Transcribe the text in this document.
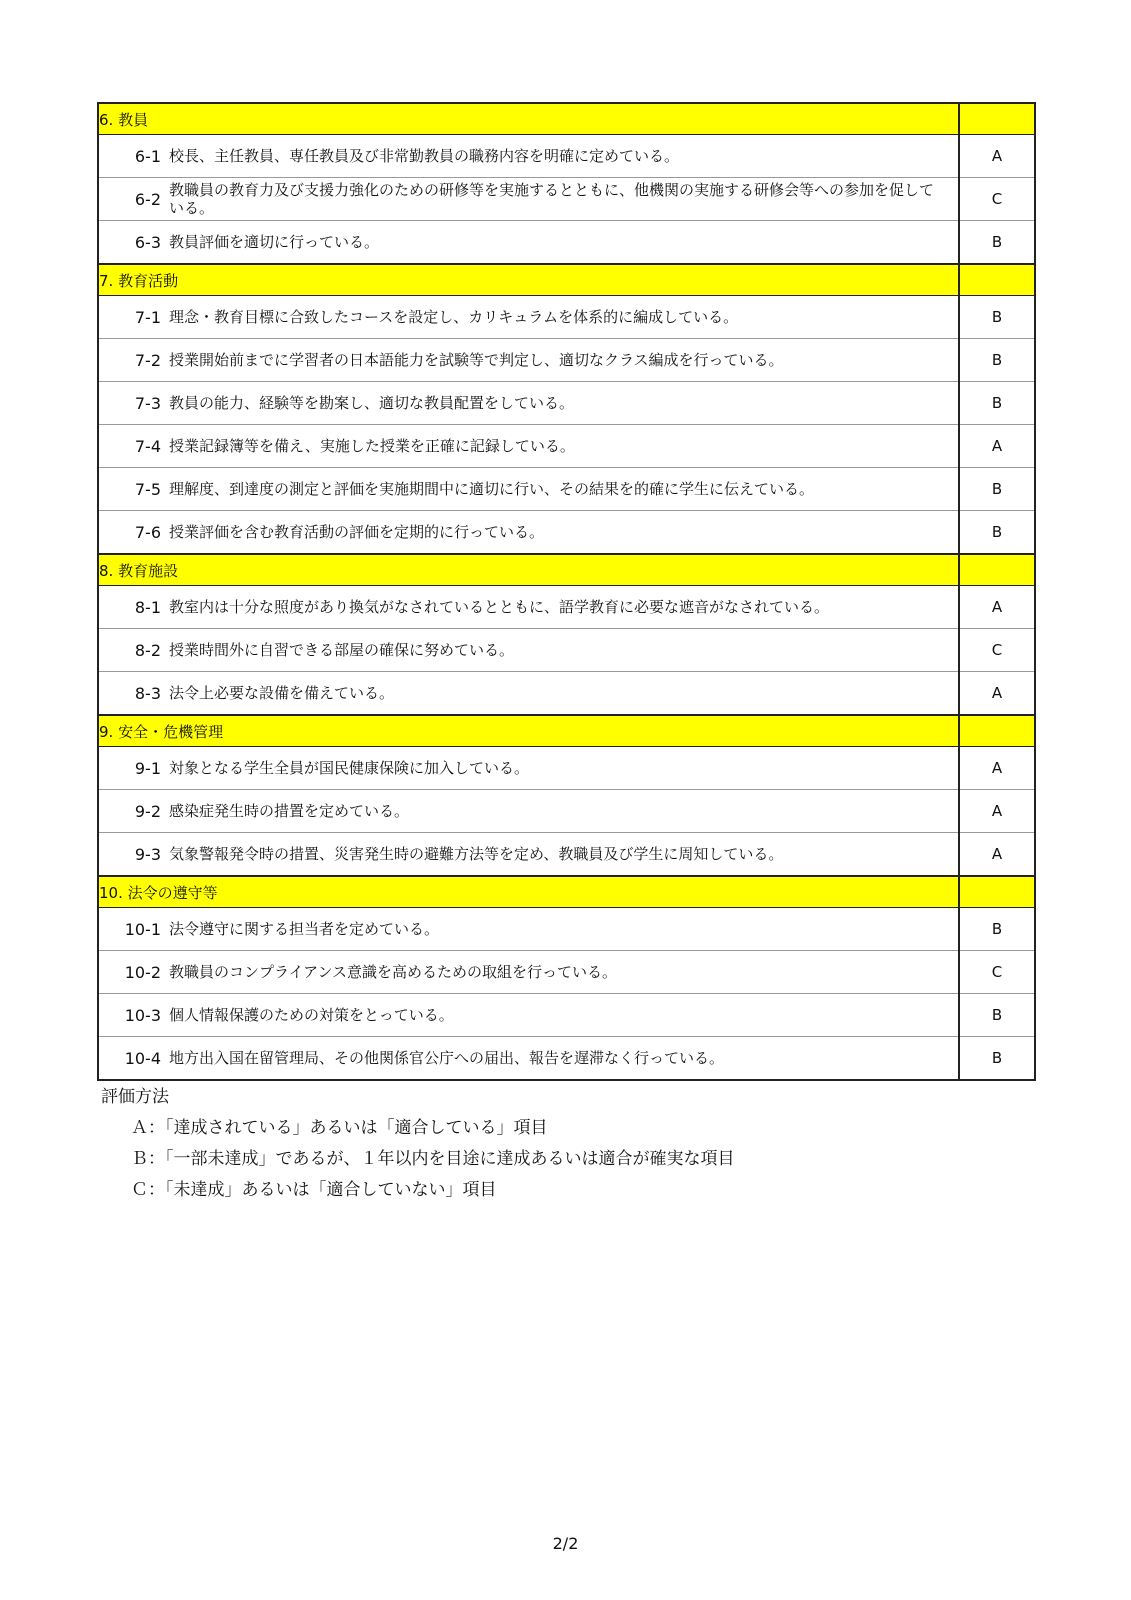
6. 教員	

6-1 校長、主任教員、専任教員及び非常勤教員の職務内容を明確に定めている。	A

6-2 教職員の教育力及び支援力強化のための研修等を実施するとともに、他機関の実施する研修会等への参加を促している。	C

6-3 教員評価を適切に行っている。	B
7. 教育活動	

7-1 理念・教育目標に合致したコースを設定し、カリキュラムを体系的に編成している。	B

7-2 授業開始前までに学習者の日本語能力を試験等で判定し、適切なクラス編成を行っている。	B

7-3 教員の能力、経験等を勘案し、適切な教員配置をしている。	B

7-4 授業記録簿等を備え、実施した授業を正確に記録している。	A

7-5 理解度、到達度の測定と評価を実施期間中に適切に行い、その結果を的確に学生に伝えている。	B

7-6 授業評価を含む教育活動の評価を定期的に行っている。	B
8. 教育施設	

8-1 教室内は十分な照度があり換気がなされているとともに、語学教育に必要な遮音がなされている。	A

8-2 授業時間外に自習できる部屋の確保に努めている。	C

8-3 法令上必要な設備を備えている。	A
9. 安全・危機管理	

9-1 対象となる学生全員が国民健康保険に加入している。	A

9-2 感染症発生時の措置を定めている。	A

9-3 気象警報発令時の措置、災害発生時の避難方法等を定め、教職員及び学生に周知している。	A
10. 法令の遵守等	

10-1 法令遵守に関する担当者を定めている。	B

10-2 教職員のコンプライアンス意識を高めるための取組を行っている。	C

10-3 個人情報保護のための対策をとっている。	B

10-4 地方出入国在留管理局、その他関係官公庁への届出、報告を遅滞なく行っている。	B
評価方法
Ａ：「達成されている」あるいは「適合している」項目
Ｂ：「一部未達成」であるが、１年以内を目途に達成あるいは適合が確実な項目
Ｃ：「未達成」あるいは「適合していない」項目
2/2
